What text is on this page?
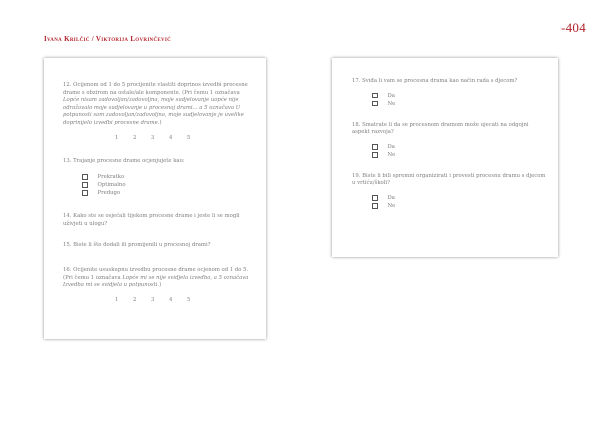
-404
Ivana Krilčić / Viktorija Lovrinčević

12. Ocijenom od 1 do 5 procijenite vlastiti doprinos izvedbi procesne drame s obzirom na ostale/ale komponente. (Pri čemu 1 označava Lopće nisam zadovoljan/zadovoljna, moje sudjelovanje uopće nije odražavalo moje sudjelovanje u procesnoj drami... a 5 označava U potpunosti sam zadovoljan/zadovoljna, moje sudjelovanje je uvelike doprinijelo izvedbi procesne drame.)

1	2	3	4	5

13. Trajanje procesne drame ocjenjujete kao:

Prekratko
Optimalno
Predugo

14. Kako ste se osjećali tijekom procesne drame i jeste li se mogli uživjeti u ulogu?

15. Biste li što dodali ili promijenili u procesnoj drami?

16. Ocijenite ususkupnu izvedbu procesne drame ocjenom od 1 do 5. (Pri čemu 1 označava Lopće mi se nije svidjela izvedba, a 5 označava Izvedba mi se svidjela u potpunosti.)

1	2	3	4	5

17. Sviđa li vam se procesna drama kao način rada s djecom?

Da
Ne

18. Smatrate li da se procesnom dramom može ujecati na odgojni aspekt razvoja?

Da
Ne

19. Biste li bili spremni organizirati i provesti procesnu dramu s djecom u vrtiću/školi?

Da
Ne
